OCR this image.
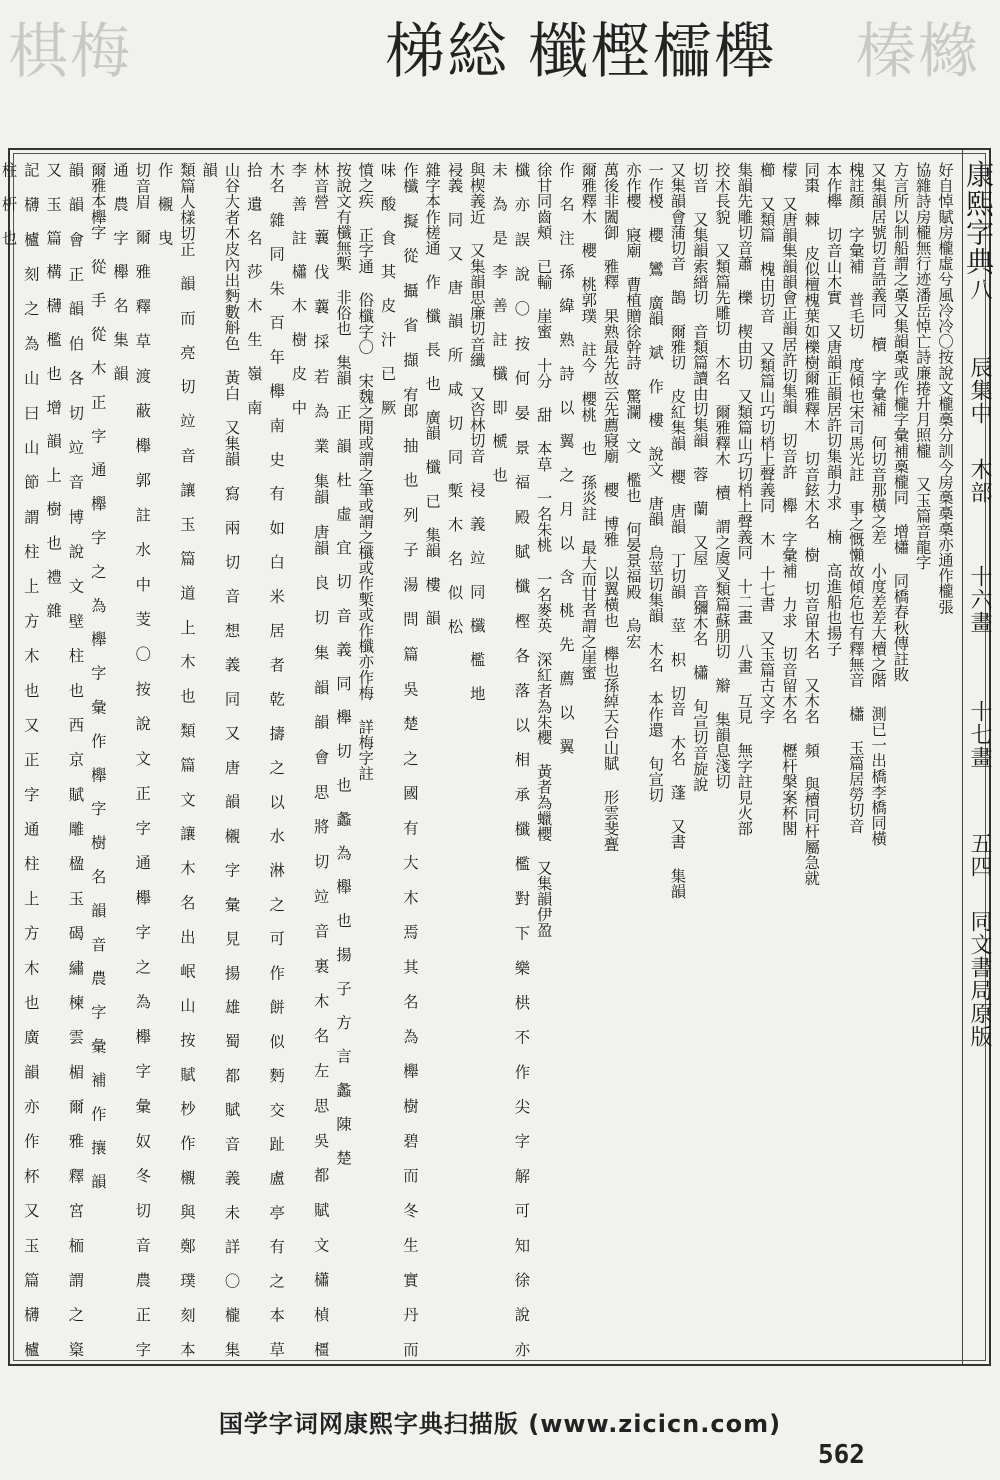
棋梅	梯総 櫼樫櫺櫸 榛櫞
康熙字典
八
辰集中
木部
十六畫
十七畫
五四
同文書局原版
好自悼賦房櫳虛兮風冷冷〇按說文櫳槀分訓今房槀槀槀亦通作櫳張
協雜詩房櫳無行迹潘岳悼亡詩廉捲升月照櫳 又玉篇音龍字
方言所以制船謂之槀又集韻槀或作櫳字彙補槀櫳同 增櫹 同橋春秋傳註敗
又集韻居號切音誥義同 櫝 字彙補 何切音那橫之差 小度差差大櫝之階 測已一出橋李橋同橫
槐註顏 字彙補 普毛切 度傾也宋司馬光註 事之慨懶故傾危也有釋無音 櫹 玉篇居勞切音
本作櫸 切音山木實 又唐韻正韻居許切集韻力求 楠 高進船也揚子
同棗 棘 皮似檀槐葉如櫟樹爾雅釋木 切音鉉木名 樹 切音留木名 又木名 頻 與櫝同杆屬急就
檬 又唐韻集韻韻會正韻居許切集韻 切音許 櫸 字彙補 力求 切音留木名 櫪杆槃案杯閣
櫛 又類篇 槐由切音 又類篇山巧切梢上聲義同 木 十七書 又玉篇古文字
集韻先雕切音蕭 櫟 楔由切 又類篇山巧切梢上聲義同 十二畫 八畫 互見 無字註見火部
挍木長貌 又類篇先雕切 木名 爾雅釋木 櫝 謂之虞叉類篇蘇朋切 辮 集韻息淺切
切音 又集韻索縉切 音類篇讀由切集韻 蓉 蘭 又屋 音獼木名 櫹 旬宣切音旋說
又集韻會蒲切音 鵲 爾雅切 皮紅集韻 櫻 唐韻 丁切韻 莖 枳 切音 木名 蓬 又書 集韻
一作椶 櫻 鸞 廣韻 斌 作 樓 說文 唐韻 烏莖切集韻 木名 本作還 旬宣切
亦作櫻 寢廟 曹植贈徐幹詩 驚瀾 文 檻也 何晏景福殿 烏宏
萬後非闔御 雅釋 果熟最先故云先薦寢廟 櫻 博雅 以翼橫也 櫸也孫綽天台山賦 形雲斐亹
爾雅釋木 櫻 桃郭璞 註今 櫻桃 也 孫炎註 最大而甘者謂之崖蜜
作 名 注 孫 緯 熟 詩 以 翼 之 月 以 含 桃 先 薦 以 翼
徐甘同齒頰 已輸 崖蜜 十分 甜 本草 一名朱桃 一名麥英 深紅者為朱櫻 黃者為蠟櫻 又集韻伊盈
櫼 亦 誤 說 〇 按 何 晏 景 福 殿 賦 櫼 樫 各 落 以 相 承 櫼 檻 對 下 樂 栱 不 作 尖 字 解 可 知 徐 說 亦 未 為 是 李 善 註 櫼 即 榹 也
與楔義近 又集韻思廉切音纖 又咨林切音 祲 義 竝 同 櫼 檻 地
祲義 同 又 唐 韻 所 咸 切 同 槧 木 名 似 松
雜字本作槎通 作 櫼 長 也 廣韻 櫼 已 集韻 樓 韻
作櫼 擬 從 攝 省 擷 宥郎 抽 也 列 子 湯 問 篇 吳 楚 之 國 有 大 木 焉 其 名 為 櫸 樹 碧 而 冬 生 實 丹 而 味 酸 食 其 皮 汁 已 厥
憤之疾 正字通 俗櫼字〇 宋魏之閒或謂之筆或謂之櫼或作槧或作櫼亦作梅 詳梅字註
按說文有櫼無槧 非俗也 集韻 正 韻 杜 虛 宜 切 音 義 同 櫸 切 也 蠡 為 櫸 也 揚 子 方 言 蠡 陳 楚
林音營 蘘 伐 蘘 採 若 為 業 集韻 唐韻 良 切 集 韻 韻 會 思 將 切 竝 音 裏 木 名 左 思 吳 都 賦 文 櫹 楨 橿 李 善 註 櫹 木 樹 皮 中
木名 雜 同 朱 百 年 櫸 南 史 有 如 白 米 居 者 乾 擣 之 以 水 淋 之 可 作 餅 似 麪 交 趾 盧 亭 有 之 本 草 拾 遺 名 莎 木 生 嶺 南
山谷大者木皮內出麪數斛色 黃白 又集韻 寫 兩 切 音 想 義 同 又 唐 韻 櫬 字 彙 見 揚 雄 蜀 都 賦 音 義 未 詳 〇 櫳 集 韻
類篇人樣切正 韻 而 亮 切 竝 音 讓 玉 篇 道 上 木 也 類 篇 文 讓 木 名 出 岷 山 按 賦 杪 作 櫬 與 鄭 璞 刻 本 作 櫬 曳
切音眉 爾 雅 釋 草 渡 蔽 櫸 郭 註 水 中 芰 〇 按 說 文 正 字 通 櫸 字 之 為 櫸 字 彙 奴 冬 切 音 農 正 字 通 農 字 櫸 名 集 韻
爾雅本櫸字 從 手 從 木 正 字 通 櫸 字 之 為 櫸 字 彙 作 櫸 字 樹 名 韻 音 農 字 彙 補 作 攘 韻
韻 韻 會 正 韻 伯 各 切 竝 音 博 說 文 壁 柱 也 西 京 賦 雕 楹 玉 碣 繡 楝 雲 楣 爾 雅 釋 宮 栭 謂 之 楶 又 玉 篇 構 欂 檻 也 增 韻 上 樹 也 禮 雜
記 欂 櫨 刻 之 為 山 曰 山 節 謂 柱 上 方 木 也 又 正 字 通 柱 上 方 木 也 廣 韻 亦 作 杯 又 玉 篇 欂 櫨 柱 枅 也
国学字词网康熙字典扫描版 (www.zicicn.com)
562
